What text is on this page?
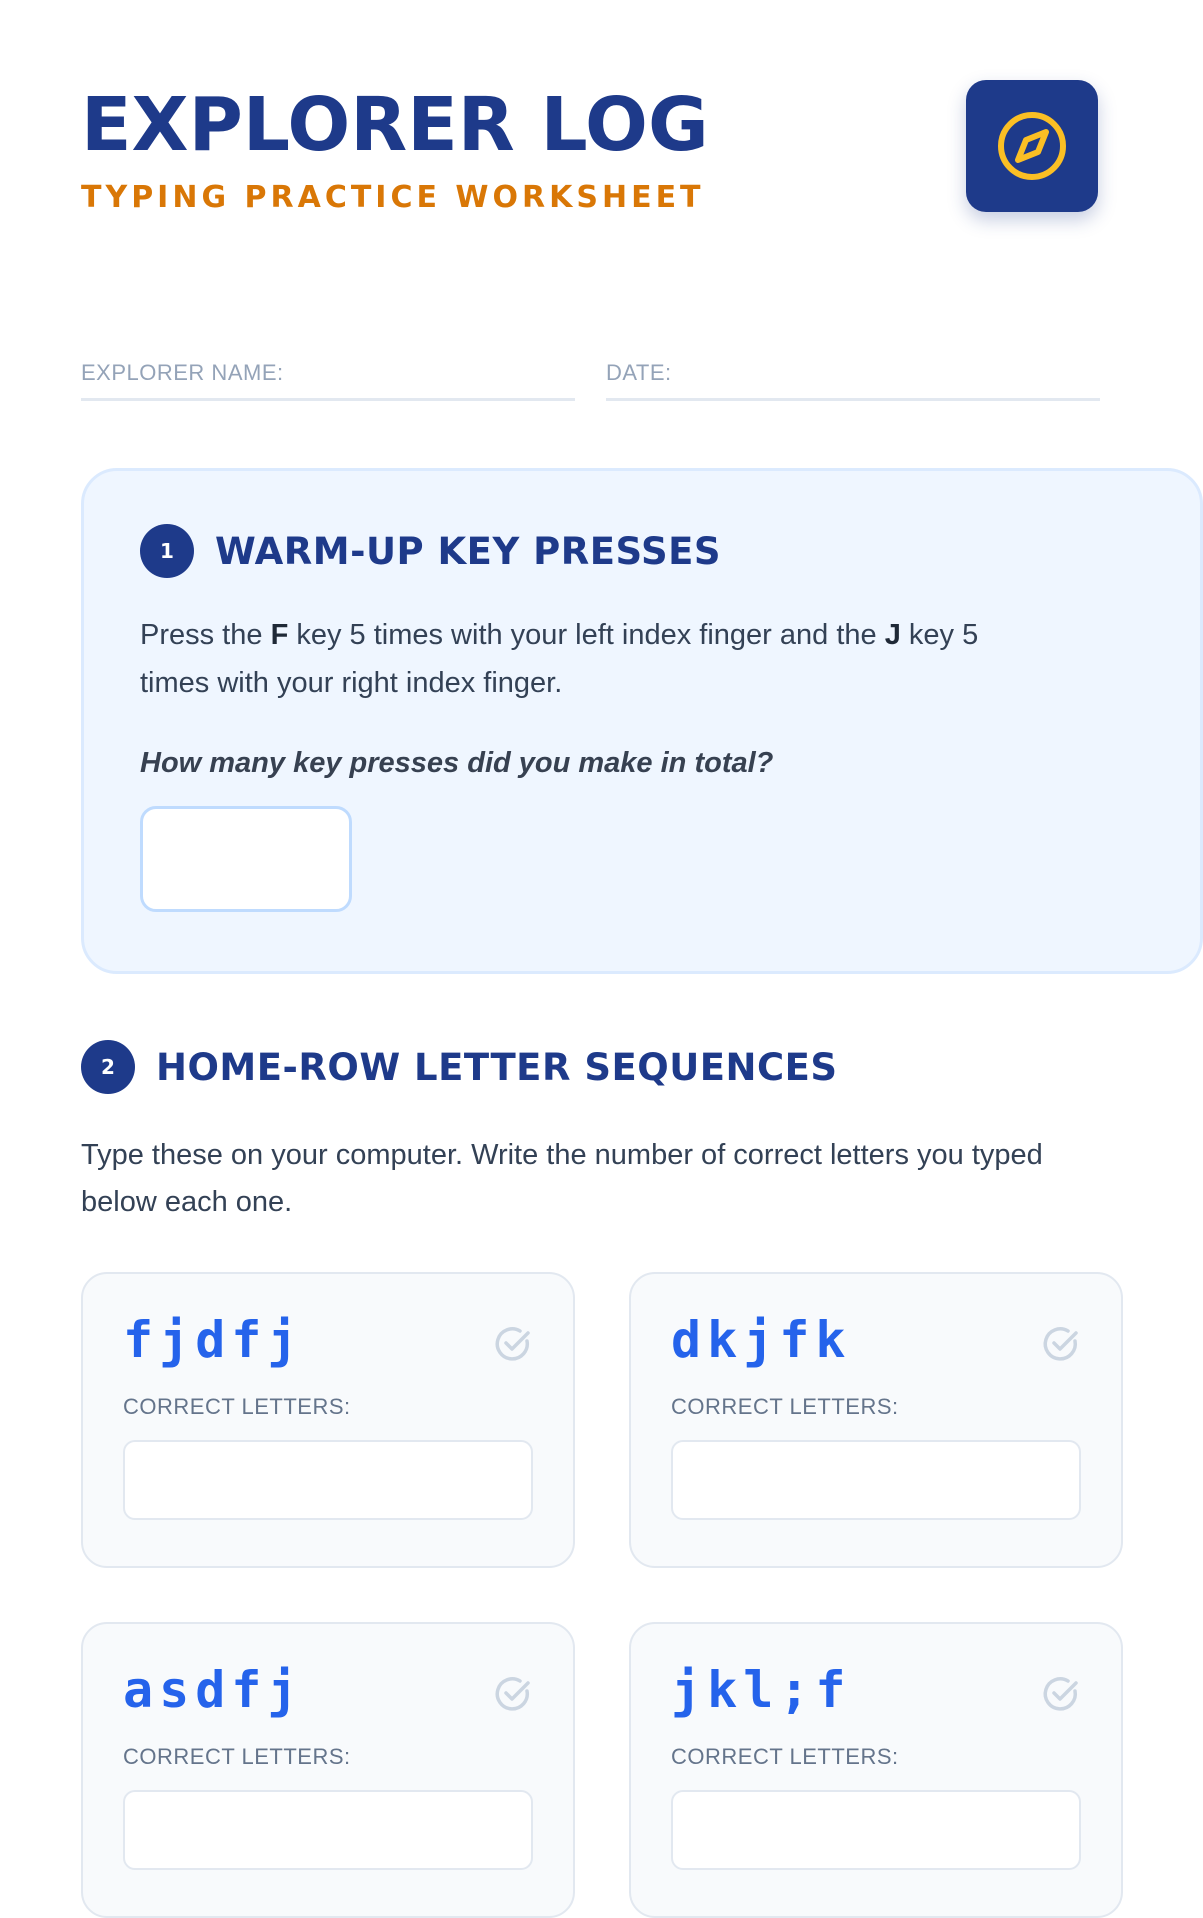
EXPLORER LOG
TYPING PRACTICE WORKSHEET
EXPLORER NAME:	DATE:
1	WARM-UP KEY PRESSES

Press the F key 5 times with your left index finger and the J key 5 times with your right index finger.

How many key presses did you make in total?

2	HOME-ROW LETTER SEQUENCES

Type these on your computer. Write the number of correct letters you typed below each one.

fjdfj
CORRECT LETTERS:
dkjfk
CORRECT LETTERS:
asdfj
CORRECT LETTERS:
jkl;f
CORRECT LETTERS:
